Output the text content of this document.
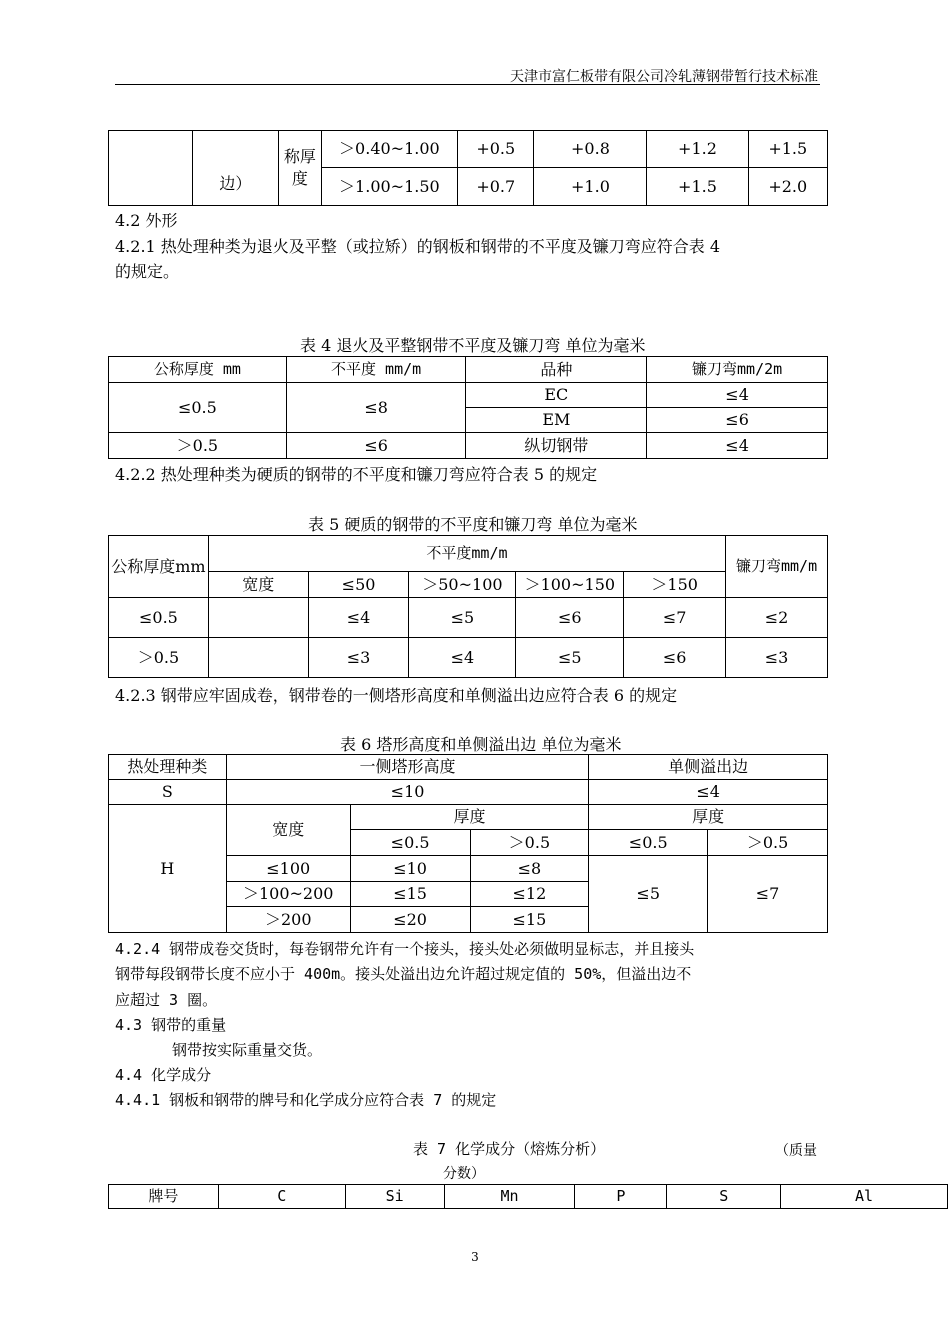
天津市富仁板带有限公司冷轧薄钢带暂行技术标准
	边）	称厚度	＞0.40~1.00	+0.5	+0.8	+1.2	+1.5
			＞1.00~1.50	+0.7	+1.0	+1.5	+2.0
4.2 外形
4.2.1 热处理种类为退火及平整（或拉矫）的钢板和钢带的不平度及镰刀弯应符合表 4
的规定。
表 4 退火及平整钢带不平度及镰刀弯 单位为毫米
公称厚度 mm	不平度 mm/m	品种	镰刀弯mm/2m
≤0.5	≤8	EC	≤4
		EM	≤6
＞0.5	≤6	纵切钢带	≤4
4.2.2 热处理种类为硬质的钢带的不平度和镰刀弯应符合表 5 的规定
表 5 硬质的钢带的不平度和镰刀弯 单位为毫米
公称厚度mm	不平度mm/m					镰刀弯mm/m
	宽度	≤50	＞50~100	＞100~150	＞150	
≤0.5		≤4	≤5	≤6	≤7	≤2
＞0.5		≤3	≤4	≤5	≤6	≤3
4.2.3 钢带应牢固成卷，钢带卷的一侧塔形高度和单侧溢出边应符合表 6 的规定
表 6 塔形高度和单侧溢出边 单位为毫米
热处理种类	一侧塔形高度			单侧溢出边	
S	≤10			≤4	
H	宽度	厚度		厚度	
		≤0.5	＞0.5	≤0.5	＞0.5
	≤100	≤10	≤8	≤5	≤7
	＞100~200	≤15	≤12		
	＞200	≤20	≤15		
4.2.4 钢带成卷交货时，每卷钢带允许有一个接头，接头处必须做明显标志，并且接头
钢带每段钢带长度不应小于 400m。接头处溢出边允许超过规定值的 50%，但溢出边不
应超过 3 圈。
4.3 钢带的重量
钢带按实际重量交货。
4.4 化学成分
4.4.1 钢板和钢带的牌号和化学成分应符合表 7 的规定
表 7 化学成分（熔炼分析）	（质量
分数）
牌号	C	Si	Mn	P	S	Al
3
